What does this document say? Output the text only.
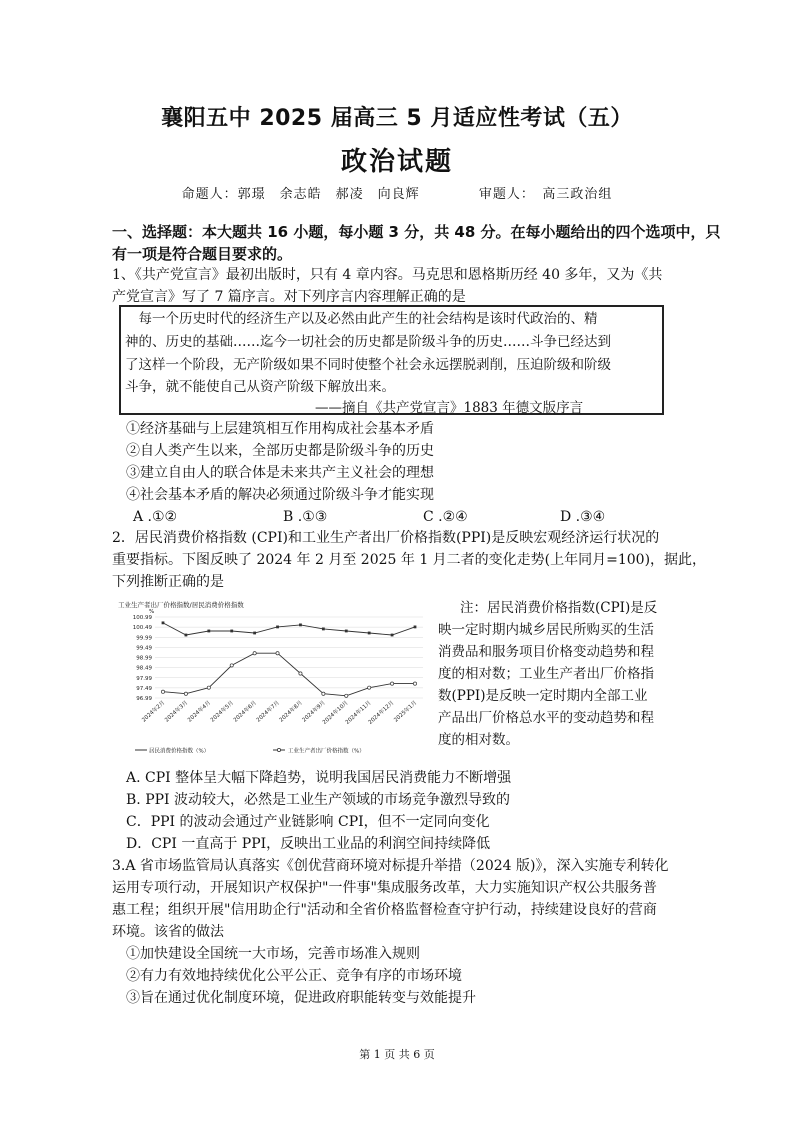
襄阳五中 2025 届高三 5 月适应性考试（五）
政治试题
命题人：郭璟　余志皓　郝凌　向良辉	审题人：　高三政治组
一、选择题：本大题共 16 小题，每小题 3 分，共 48 分。在每小题给出的四个选项中，只
有一项是符合题目要求的。
1、《共产党宣言》最初出版时，只有 4 章内容。马克思和恩格斯历经 40 多年，又为《共
产党宣言》写了 7 篇序言。对下列序言内容理解正确的是
　每一个历史时代的经济生产以及必然由此产生的社会结构是该时代政治的、精
神的、历史的基础……迄今一切社会的历史都是阶级斗争的历史……斗争已经达到
了这样一个阶段，无产阶级如果不同时使整个社会永远摆脱剥削，压迫阶级和阶级
斗争，就不能使自己从资产阶级下解放出来。
——摘自《共产党宣言》1883 年德文版序言
①经济基础与上层建筑相互作用构成社会基本矛盾
②自人类产生以来，全部历史都是阶级斗争的历史
③建立自由人的联合体是未来共产主义社会的理想
④社会基本矛盾的解决必须通过阶级斗争才能实现
A .①②	B .①③	C .②④	D .③④
2．居民消费价格指数 (CPI)和工业生产者出厂价格指数(PPI)是反映宏观经济运行状况的
重要指标。下图反映了 2024 年 2 月至 2025 年 1 月二者的变化走势(上年同月=100)，据此，
下列推断正确的是
工业生产者出厂价格指数/居民消费价格指数
%
100.99
100.49
99.99
99.49
98.99
98.49
97.99
97.49
96.99
2024年2月
2024年3月
2024年4月
2024年5月
2024年6月
2024年7月
2024年8月
2024年9月
2024年10月
2024年11月
2024年12月
2025年1月
居民消费价格指数（%）	工业生产者出厂价格指数（%）
注：居民消费价格指数(CPI)是反
映一定时期内城乡居民所购买的生活
消费品和服务项目价格变动趋势和程
度的相对数；工业生产者出厂价格指
数(PPI)是反映一定时期内全部工业
产品出厂价格总水平的变动趋势和程
度的相对数。
A. CPI 整体呈大幅下降趋势，说明我国居民消费能力不断增强
B. PPI 波动较大，必然是工业生产领域的市场竞争激烈导致的
C．PPI 的波动会通过产业链影响 CPI，但不一定同向变化
D．CPI 一直高于 PPI，反映出工业品的利润空间持续降低
3.A 省市场监管局认真落实《创优营商环境对标提升举措（2024 版)》，深入实施专利转化
运用专项行动，开展知识产权保护"一件事"集成服务改革，大力实施知识产权公共服务普
惠工程；组织开展"信用助企行"活动和全省价格监督检查守护行动，持续建设良好的营商
环境。该省的做法
①加快建设全国统一大市场，完善市场准入规则
②有力有效地持续优化公平公正、竞争有序的市场环境
③旨在通过优化制度环境，促进政府职能转变与效能提升
第 1 页 共 6 页
